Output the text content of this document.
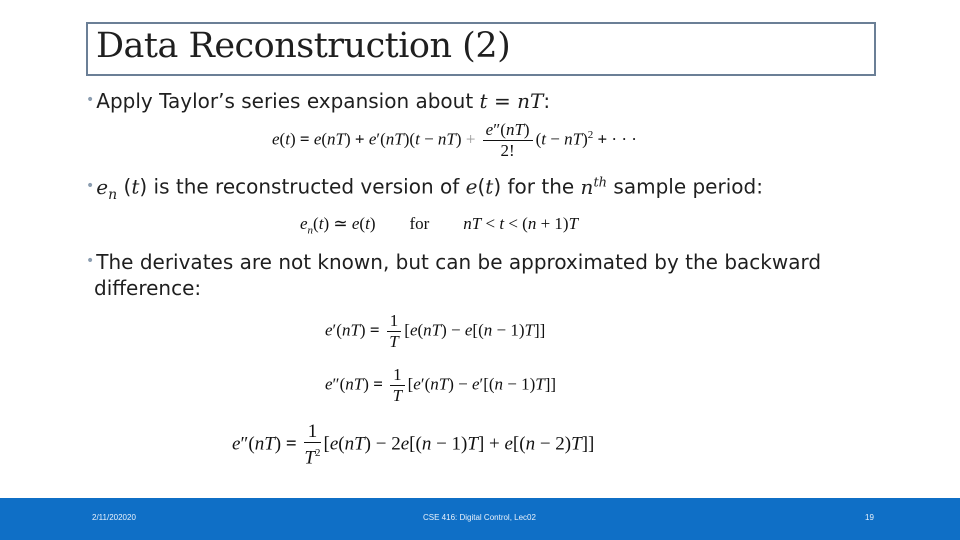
Data Reconstruction (2)
• Apply Taylor’s series expansion about t = nT:
$e(t) = e(nT) + e'(nT)(t - nT) + \frac{e''(nT)}{2!} (t - nT)^2$ + · · ·
• $e_n$ (t) is the reconstructed version of e(t) for the $n^{th}$ sample period:
$e_n(t)$ ≃ e(t)        for        nT < t < (n + 1)T
• The derivates are not known, but can be approximated by the backward
difference:
$e'(nT) = \frac{1}{T} [e(nT) - e[(n - 1)T]]$
$e''(nT) = \frac{1}{T} [e'(nT) - e'[(n - 1)T]]$
$e''(nT) = \frac{1}{T^2} [e(nT) - 2e[(n - 1)T] + e[(n - 2)T]]$
2/11/202020	CSE 416: Digital Control, Lec02	19
